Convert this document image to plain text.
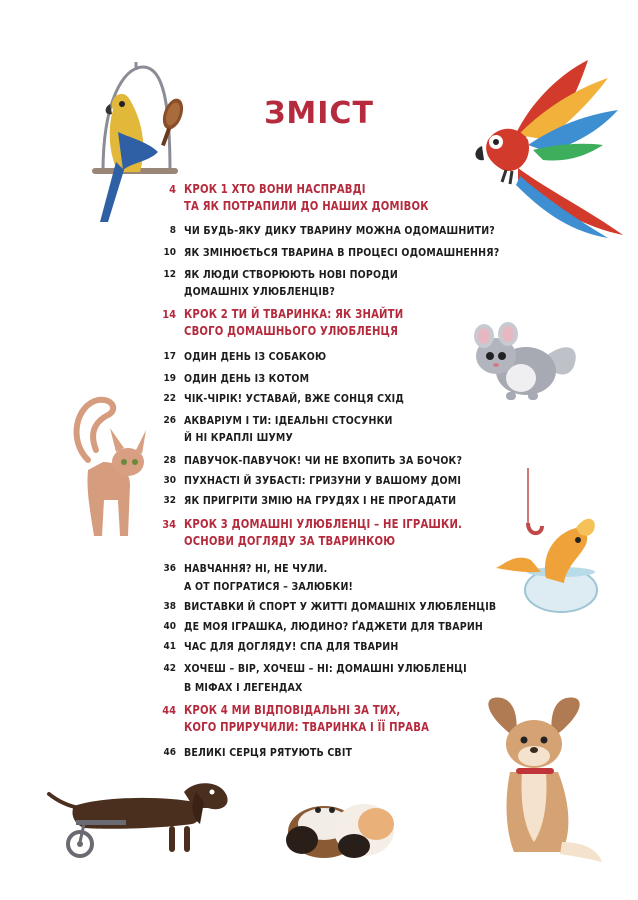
ЗМІСТ
4 КРОК 1 ХТО ВОНИ НАСПРАВДІ
ТА ЯК ПОТРАПИЛИ ДО НАШИХ ДОМІВОК
8 ЧИ БУДЬ-ЯКУ ДИКУ ТВАРИНУ МОЖНА ОДОМАШНИТИ?
10 ЯК ЗМІНЮЄТЬСЯ ТВАРИНА В ПРОЦЕСІ ОДОМАШНЕННЯ?
12 ЯК ЛЮДИ СТВОРЮЮТЬ НОВІ ПОРОДИ
ДОМАШНІХ УЛЮБЛЕНЦІВ?
14 КРОК 2 ТИ Й ТВАРИНКА: ЯК ЗНАЙТИ
СВОГО ДОМАШНЬОГО УЛЮБЛЕНЦЯ
17 ОДИН ДЕНЬ ІЗ СОБАКОЮ
19 ОДИН ДЕНЬ ІЗ КОТОМ
22 ЧІК-ЧІРІК! УСТАВАЙ, ВЖЕ СОНЦЯ СХІД
26 АКВАРІУМ І ТИ: ІДЕАЛЬНІ СТОСУНКИ
Й НІ КРАПЛІ ШУМУ
28 ПАВУЧОК-ПАВУЧОК! ЧИ НЕ ВХОПИТЬ ЗА БОЧОК?
30 ПУХНАСТІ Й ЗУБАСТІ: ГРИЗУНИ У ВАШОМУ ДОМІ
32 ЯК ПРИГРІТИ ЗМІЮ НА ГРУДЯХ І НЕ ПРОГАДАТИ
34 КРОК 3 ДОМАШНІ УЛЮБЛЕНЦІ – НЕ ІГРАШКИ.
ОСНОВИ ДОГЛЯДУ ЗА ТВАРИНКОЮ
36 НАВЧАННЯ? НІ, НЕ ЧУЛИ.
А ОТ ПОГРАТИСЯ – ЗАЛЮБКИ!
38 ВИСТАВКИ Й СПОРТ У ЖИТТІ ДОМАШНІХ УЛЮБЛЕНЦІВ
40 ДЕ МОЯ ІГРАШКА, ЛЮДИНО? ҐАДЖЕТИ ДЛЯ ТВАРИН
41 ЧАС ДЛЯ ДОГЛЯДУ! СПА ДЛЯ ТВАРИН
42 ХОЧЕШ – ВІР, ХОЧЕШ – НІ: ДОМАШНІ УЛЮБЛЕНЦІ
В МІФАХ І ЛЕГЕНДАХ
44 КРОК 4 МИ ВІДПОВІДАЛЬНІ ЗА ТИХ,
КОГО ПРИРУЧИЛИ: ТВАРИНКА І ЇЇ ПРАВА
46 ВЕЛИКІ СЕРЦЯ РЯТУЮТЬ СВІТ
